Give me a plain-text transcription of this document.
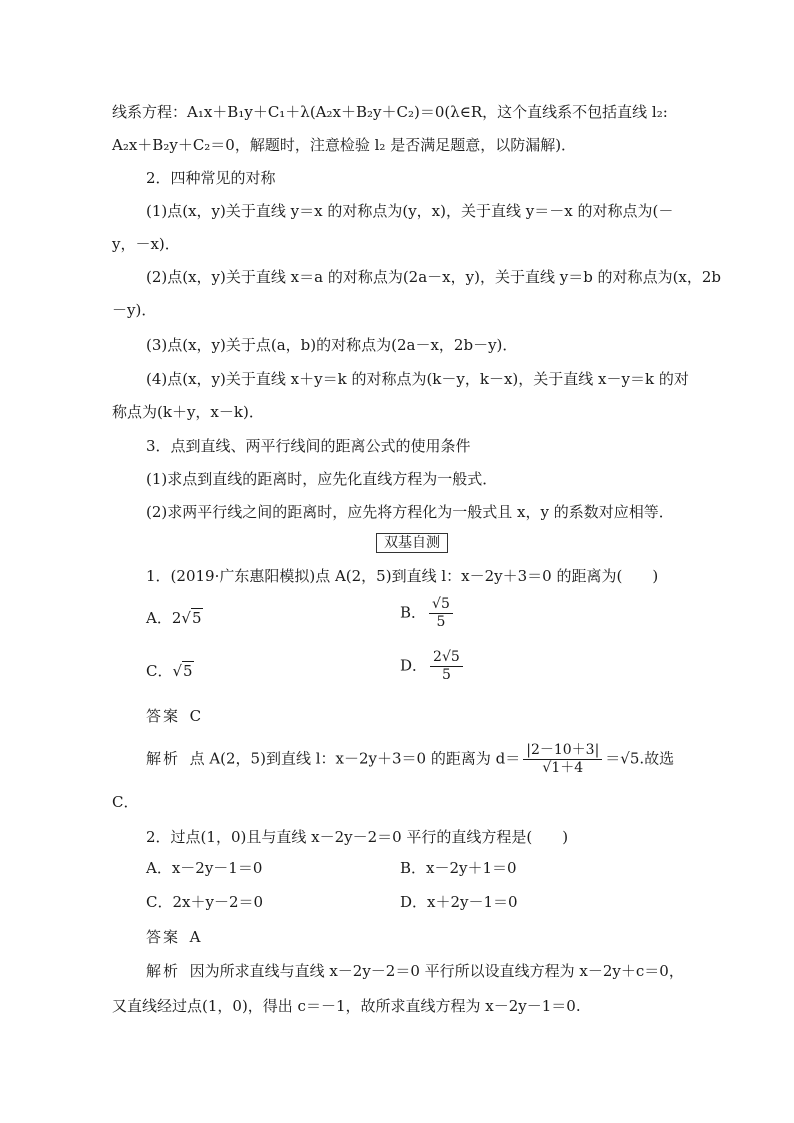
线系方程：A₁x＋B₁y＋C₁＋λ(A₂x＋B₂y＋C₂)＝0(λ∈R，这个直线系不包括直线 l₂:
A₂x＋B₂y＋C₂＝0，解题时，注意检验 l₂ 是否满足题意，以防漏解)．
2．四种常见的对称
(1)点(x，y)关于直线 y＝x 的对称点为(y，x)，关于直线 y＝－x 的对称点为(－
y，－x)．
(2)点(x，y)关于直线 x＝a 的对称点为(2a－x，y)，关于直线 y＝b 的对称点为(x，2b
－y)．
(3)点(x，y)关于点(a，b)的对称点为(2a－x，2b－y)．
(4)点(x，y)关于直线 x＋y＝k 的对称点为(k－y，k－x)，关于直线 x－y＝k 的对
称点为(k＋y，x－k)．
3．点到直线、两平行线间的距离公式的使用条件
(1)求点到直线的距离时，应先化直线方程为一般式．
(2)求两平行线之间的距离时，应先将方程化为一般式且 x，y 的系数对应相等．
双基自测
1．(2019·广东惠阳模拟)点 A(2，5)到直线 l：x－2y＋3＝0 的距离为(　　)
A．2√5	B． $\frac{√5}{5}$
C．√5	D． $\frac{2√5}{5}$
答案 C
解析 点 A(2，5)到直线 l：x－2y＋3＝0 的距离为 $d= \frac{|2-10+3|}{√1+4} =√5$.故选
C．
2．过点(1，0)且与直线 x－2y－2＝0 平行的直线方程是(　　)
A．x－2y－1＝0	B．x－2y＋1＝0
C．2x＋y－2＝0	D．x＋2y－1＝0
答案 A
解析 因为所求直线与直线 x－2y－2＝0 平行所以设直线方程为 x－2y＋c＝0，
又直线经过点(1，0)，得出 c＝－1，故所求直线方程为 x－2y－1＝0.
